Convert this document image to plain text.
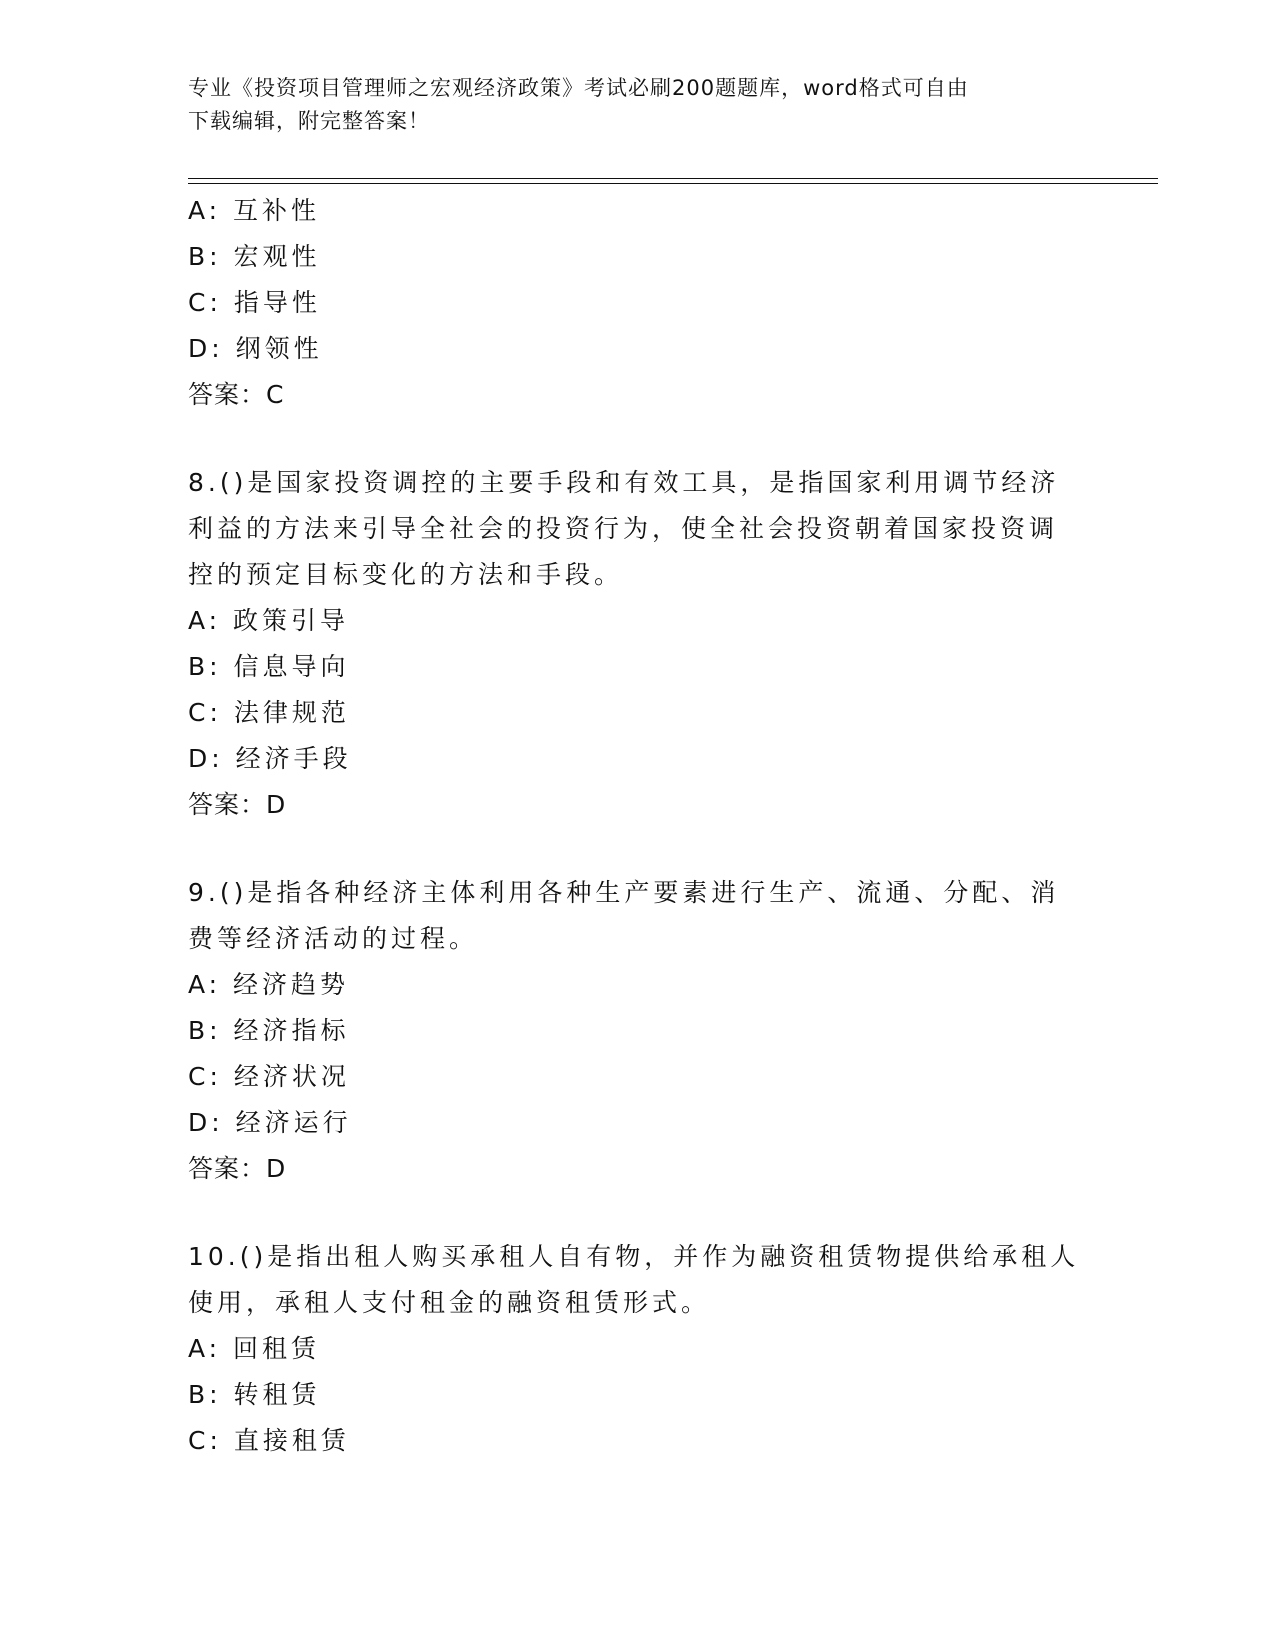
专业《投资项目管理师之宏观经济政策》考试必刷200题题库，word格式可自由
下载编辑，附完整答案！
A: 互补性
B: 宏观性
C: 指导性
D: 纲领性
答案：C
8.()是国家投资调控的主要手段和有效工具，是指国家利用调节经济
利益的方法来引导全社会的投资行为，使全社会投资朝着国家投资调
控的预定目标变化的方法和手段。
A: 政策引导
B: 信息导向
C: 法律规范
D: 经济手段
答案：D
9.()是指各种经济主体利用各种生产要素进行生产、流通、分配、消
费等经济活动的过程。
A: 经济趋势
B: 经济指标
C: 经济状况
D: 经济运行
答案：D
10.()是指出租人购买承租人自有物，并作为融资租赁物提供给承租人
使用，承租人支付租金的融资租赁形式。
A: 回租赁
B: 转租赁
C: 直接租赁
